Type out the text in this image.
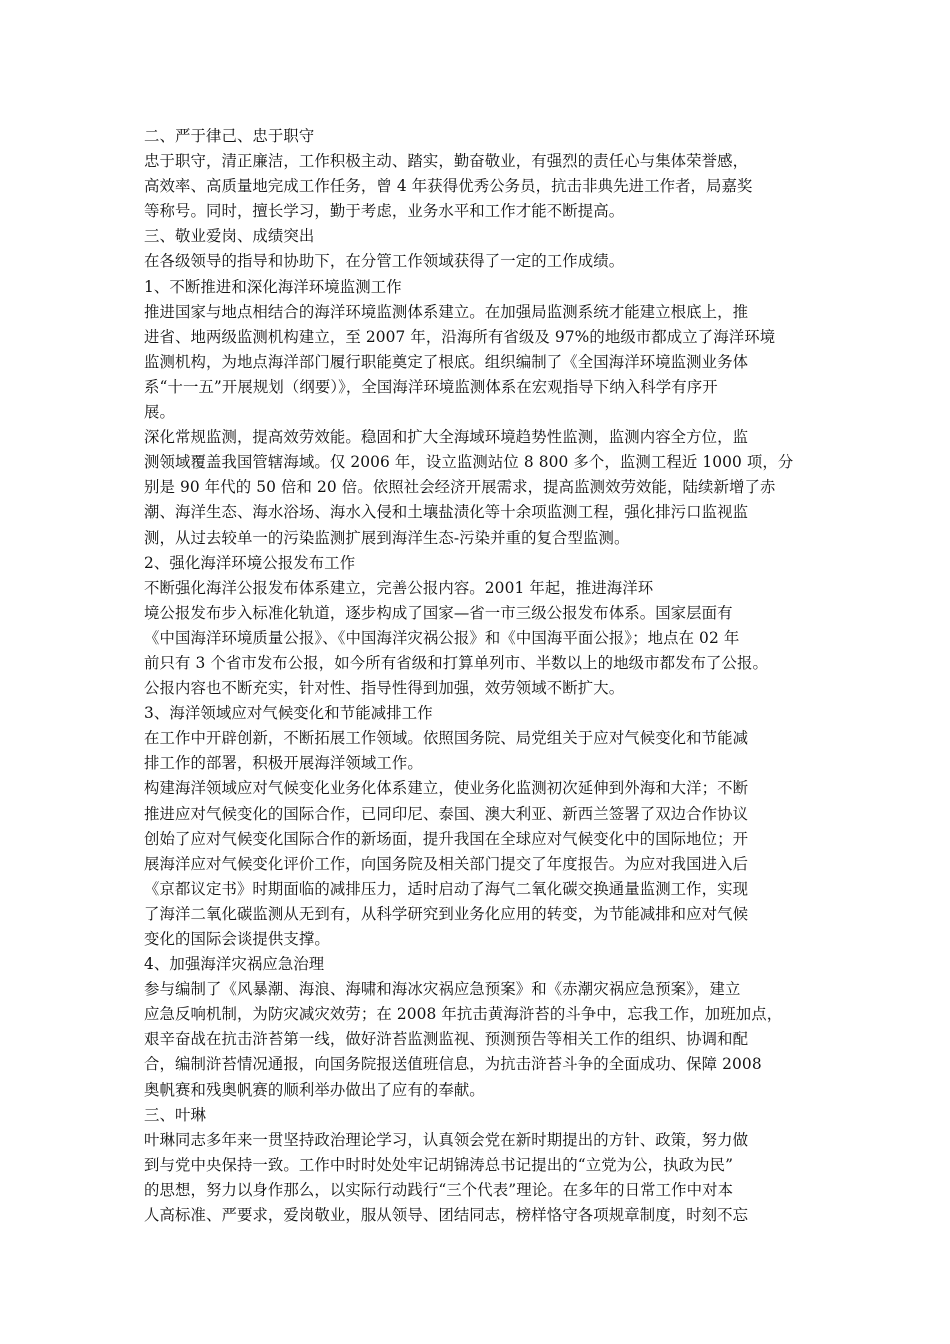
二、严于律己、忠于职守
忠于职守，清正廉洁，工作积极主动、踏实，勤奋敬业，有强烈的责任心与集体荣誉感，
高效率、高质量地完成工作任务，曾 4 年获得优秀公务员，抗击非典先进工作者，局嘉奖
等称号。同时，擅长学习，勤于考虑，业务水平和工作才能不断提高。
三、敬业爱岗、成绩突出
在各级领导的指导和协助下，在分管工作领域获得了一定的工作成绩。
1、不断推进和深化海洋环境监测工作
推进国家与地点相结合的海洋环境监测体系建立。在加强局监测系统才能建立根底上，推
进省、地两级监测机构建立，至 2007 年，沿海所有省级及 97%的地级市都成立了海洋环境
监测机构，为地点海洋部门履行职能奠定了根底。组织编制了《全国海洋环境监测业务体
系“十一五”开展规划（纲要）》，全国海洋环境监测体系在宏观指导下纳入科学有序开
展。
深化常规监测，提高效劳效能。稳固和扩大全海域环境趋势性监测，监测内容全方位，监
测领域覆盖我国管辖海域。仅 2006 年，设立监测站位 8 800 多个，监测工程近 1000 项，分
别是 90 年代的 50 倍和 20 倍。依照社会经济开展需求，提高监测效劳效能，陆续新增了赤
潮、海洋生态、海水浴场、海水入侵和土壤盐渍化等十余项监测工程，强化排污口监视监
测，从过去较单一的污染监测扩展到海洋生态-污染并重的复合型监测。
2、强化海洋环境公报发布工作
不断强化海洋公报发布体系建立，完善公报内容。2001 年起，推进海洋环
境公报发布步入标准化轨道，逐步构成了国家—省一市三级公报发布体系。国家层面有
《中国海洋环境质量公报》、《中国海洋灾祸公报》和《中国海平面公报》；地点在 02 年
前只有 3 个省市发布公报，如今所有省级和打算单列市、半数以上的地级市都发布了公报。
公报内容也不断充实，针对性、指导性得到加强，效劳领域不断扩大。
3、海洋领域应对气候变化和节能减排工作
在工作中开辟创新，不断拓展工作领域。依照国务院、局党组关于应对气候变化和节能减
排工作的部署，积极开展海洋领域工作。
构建海洋领域应对气候变化业务化体系建立，使业务化监测初次延伸到外海和大洋；不断
推进应对气候变化的国际合作，已同印尼、泰国、澳大利亚、新西兰签署了双边合作协议
创始了应对气候变化国际合作的新场面，提升我国在全球应对气候变化中的国际地位；开
展海洋应对气候变化评价工作，向国务院及相关部门提交了年度报告。为应对我国进入后
《京都议定书》时期面临的减排压力，适时启动了海气二氧化碳交换通量监测工作，实现
了海洋二氧化碳监测从无到有，从科学研究到业务化应用的转变，为节能减排和应对气候
变化的国际会谈提供支撑。
4、加强海洋灾祸应急治理
参与编制了《风暴潮、海浪、海啸和海冰灾祸应急预案》和《赤潮灾祸应急预案》，建立
应急反响机制，为防灾减灾效劳；在 2008 年抗击黄海浒苔的斗争中，忘我工作，加班加点，
艰辛奋战在抗击浒苔第一线，做好浒苔监测监视、预测预告等相关工作的组织、协调和配
合，编制浒苔情况通报，向国务院报送值班信息，为抗击浒苔斗争的全面成功、保障 2008
奥帆赛和残奥帆赛的顺利举办做出了应有的奉献。
三、叶琳
叶琳同志多年来一贯坚持政治理论学习，认真领会党在新时期提出的方针、政策，努力做
到与党中央保持一致。工作中时时处处牢记胡锦涛总书记提出的“立党为公，执政为民”
的思想，努力以身作那么，以实际行动践行“三个代表”理论。在多年的日常工作中对本
人高标准、严要求，爱岗敬业，服从领导、团结同志，榜样恪守各项规章制度，时刻不忘
